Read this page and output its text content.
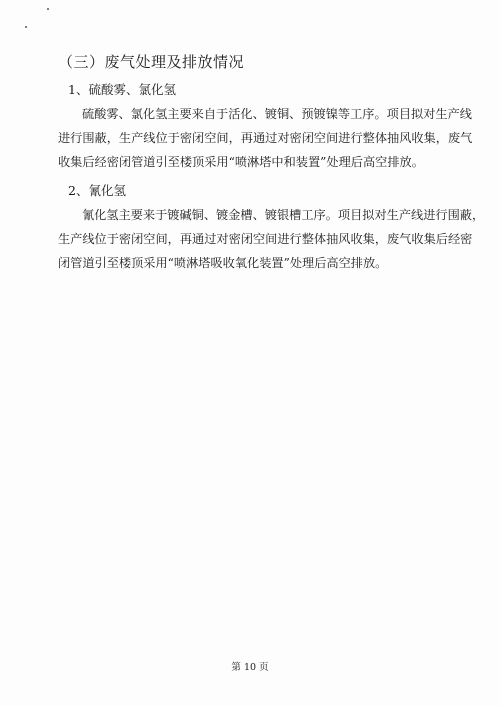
（三）废气处理及排放情况
1、硫酸雾、氯化氢
硫酸雾、氯化氢主要来自于活化、镀铜、预镀镍等工序。项目拟对生产线
进行围蔽，生产线位于密闭空间，再通过对密闭空间进行整体抽风收集，废气
收集后经密闭管道引至楼顶采用“喷淋塔中和装置”处理后高空排放。
2、氰化氢
氰化氢主要来于镀碱铜、镀金槽、镀银槽工序。项目拟对生产线进行围蔽，
生产线位于密闭空间，再通过对密闭空间进行整体抽风收集，废气收集后经密
闭管道引至楼顶采用“喷淋塔吸收氧化装置”处理后高空排放。
第 10 页
